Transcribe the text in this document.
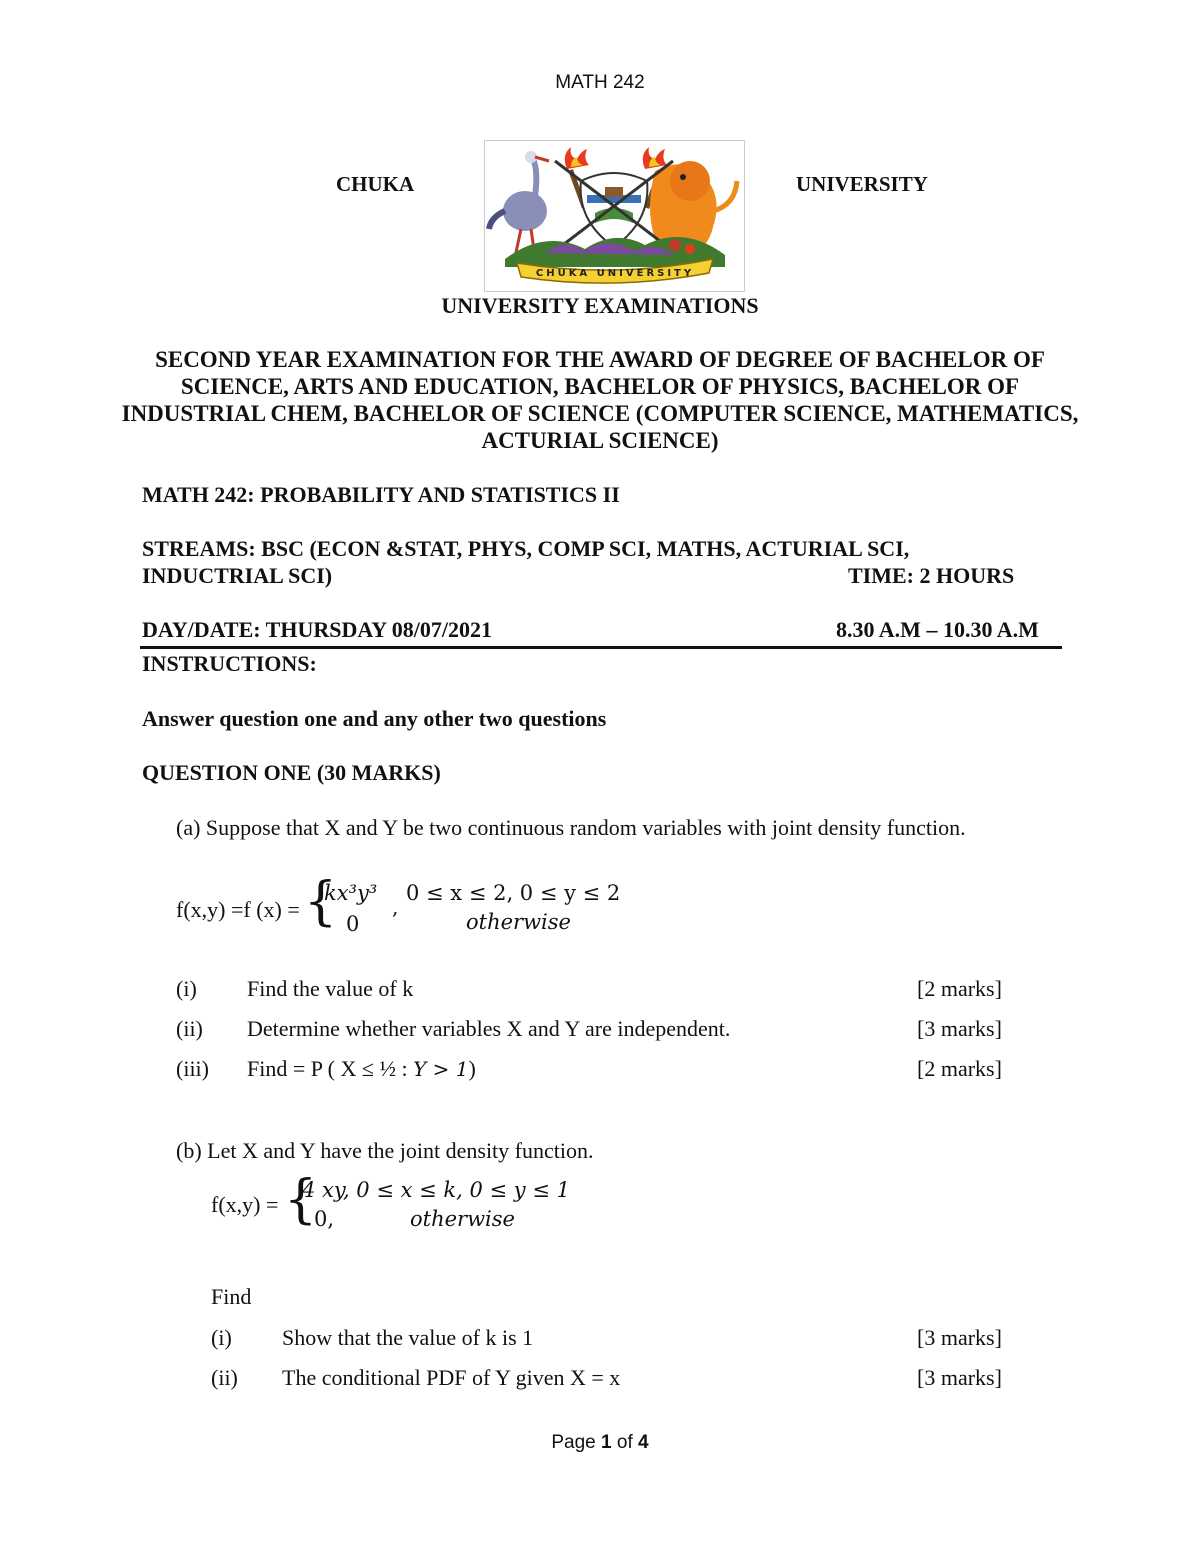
MATH 242
CHUKA
CHUKA UNIVERSITY
UNIVERSITY
UNIVERSITY EXAMINATIONS
SECOND YEAR EXAMINATION FOR THE AWARD OF DEGREE OF BACHELOR OF SCIENCE, ARTS AND EDUCATION, BACHELOR OF PHYSICS, BACHELOR OF INDUSTRIAL CHEM, BACHELOR OF SCIENCE (COMPUTER SCIENCE, MATHEMATICS, ACTURIAL SCIENCE)
MATH 242: PROBABILITY AND STATISTICS II
STREAMS: BSC (ECON &STAT, PHYS, COMP SCI, MATHS, ACTURIAL SCI,
INDUCTRIAL SCI)	TIME: 2 HOURS
DAY/DATE: THURSDAY 08/07/2021	8.30 A.M – 10.30 A.M
INSTRUCTIONS:
Answer question one and any other two questions
QUESTION ONE (30 MARKS)
(a) Suppose that X and Y be two continuous random variables with joint density function.
f(x,y) =f (x) = {
kx³y³
,
0 ≤ x ≤ 2, 0 ≤ y ≤ 2
0	otherwise
(i) Find the value of k	[2 marks]
(ii) Determine whether variables X and Y are independent.	[3 marks]
(iii) Find = P ( X ≤ ½ : Y > 1)	[2 marks]
(b) Let X and Y have the joint density function.
f(x,y) = {
4 xy, 0 ≤ x ≤ k, 0 ≤ y ≤ 1
0,	otherwise
Find
(i) Show that the value of k is 1	[3 marks]
(ii) The conditional PDF of Y given X = x	[3 marks]
Page 1 of 4
